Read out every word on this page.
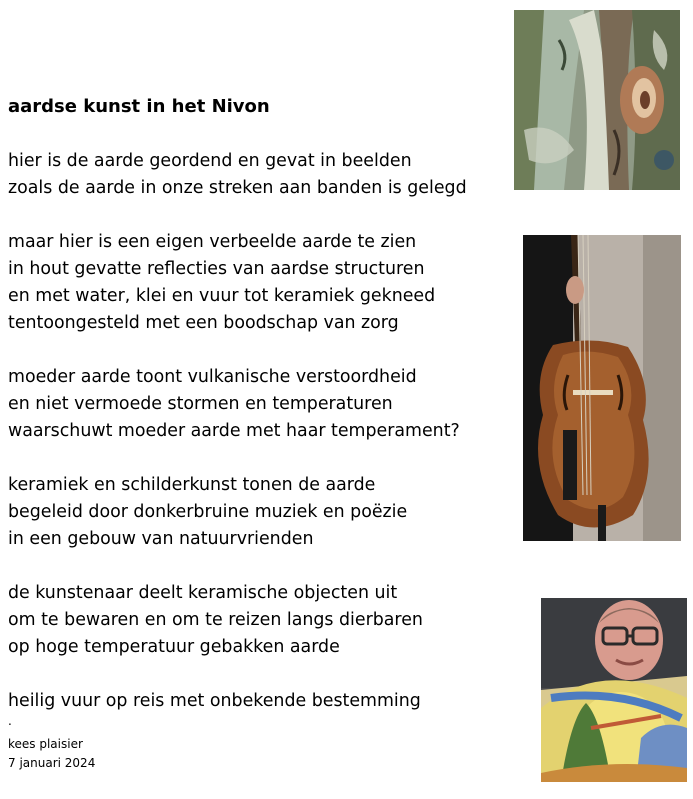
aardse kunst in het Nivon
hier is de aarde geordend en gevat in beelden
zoals de aarde in onze streken aan banden is gelegd
maar hier is een eigen verbeelde aarde te zien
in hout gevatte reflecties van aardse structuren
en met water, klei en vuur tot keramiek gekneed
tentoongesteld met een boodschap van zorg
moeder aarde toont vulkanische verstoordheid
en niet vermoede stormen en temperaturen
waarschuwt moeder aarde met haar temperament?
keramiek en schilderkunst tonen de aarde
begeleid door donkerbruine muziek en poëzie
in een gebouw van natuurvrienden
de kunstenaar deelt keramische objecten uit
om te bewaren en om te reizen langs dierbaren
op hoge temperatuur gebakken aarde
heilig vuur op reis met onbekende bestemming
.
kees plaisier
7 januari 2024
